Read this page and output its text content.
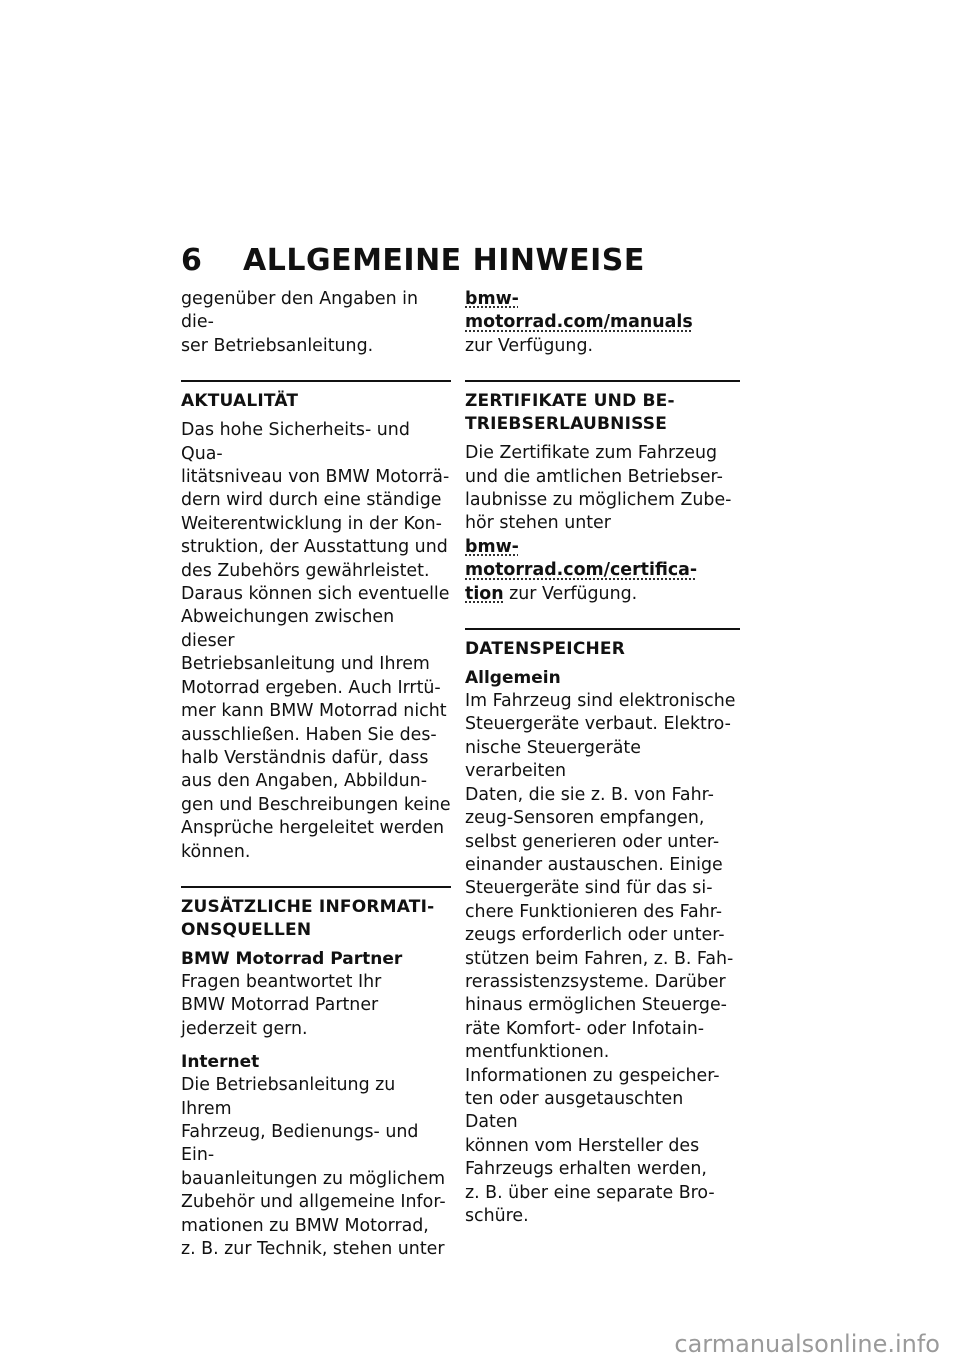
6 ALLGEMEINE HINWEISE

gegenüber den Angaben in die-
ser Betriebsanleitung.

AKTUALITÄT

Das hohe Sicherheits- und Qua-
litätsniveau von BMW Motorrä-
dern wird durch eine ständige
Weiterentwicklung in der Kon-
struktion, der Ausstattung und
des Zubehörs gewährleistet.
Daraus können sich eventuelle
Abweichungen zwischen dieser
Betriebsanleitung und Ihrem
Motorrad ergeben. Auch Irrtü-
mer kann BMW Motorrad nicht
ausschließen. Haben Sie des-
halb Verständnis dafür, dass
aus den Angaben, Abbildun-
gen und Beschreibungen keine
Ansprüche hergeleitet werden
können.

ZUSÄTZLICHE INFORMATI-
ONSQUELLEN
BMW Motorrad Partner

Fragen beantwortet Ihr
BMW Motorrad Partner
jederzeit gern.

Internet

Die Betriebsanleitung zu Ihrem
Fahrzeug, Bedienungs- und Ein-
bauanleitungen zu möglichem
Zubehör und allgemeine Infor-
mationen zu BMW Motorrad,
z. B. zur Technik, stehen unter

bmw-motorrad.com/manuals
zur Verfügung.

ZERTIFIKATE UND BE-
TRIEBSERLAUBNISSE

Die Zertifikate zum Fahrzeug
und die amtlichen Betriebser-
laubnisse zu möglichem Zube-
hör stehen unter

bmw-motorrad.com/certifica-
tion zur Verfügung.

DATENSPEICHER
Allgemein

Im Fahrzeug sind elektronische
Steuergeräte verbaut. Elektro-
nische Steuergeräte verarbeiten
Daten, die sie z. B. von Fahr-
zeug-Sensoren empfangen,
selbst generieren oder unter-
einander austauschen. Einige
Steuergeräte sind für das si-
chere Funktionieren des Fahr-
zeugs erforderlich oder unter-
stützen beim Fahren, z. B. Fah-
rerassistenzsysteme. Darüber
hinaus ermöglichen Steuerge-
räte Komfort- oder Infotain-
mentfunktionen.

Informationen zu gespeicher-
ten oder ausgetauschten Daten
können vom Hersteller des
Fahrzeugs erhalten werden,
z. B. über eine separate Bro-
schüre.

carmanualsonline.info
